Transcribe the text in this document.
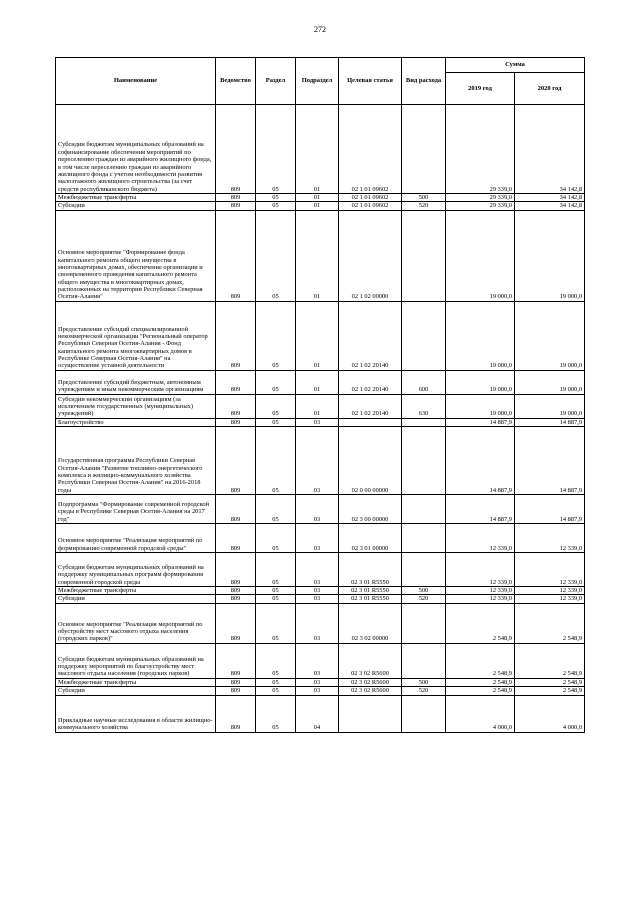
272
Наименование	Ведомство	Раздел	Подраздел	Целевая статья	Вид расхода	Сумма	
						2019 год	2020 год
Субсидии бюджетам муниципальных образований на софинансирование обеспечения мероприятий по переселению граждан из аварийного жилищного фонда, в том числе переселению граждан из аварийного жилищного фонда с учетом необходимости развития малоэтажного жилищного строительства (за счет средств республиканского бюджета)	809	05	01	02 1 01 09602		29 339,0	34 142,8
Межбюджетные трансферты	809	05	01	02 1 01 09602	500	29 339,0	34 142,8
Субсидии	809	05	01	02 1 01 09602	520	29 339,0	34 142,8
Основное мероприятие "Формирование фонда капитального ремонта общего имущества в многоквартирных домах, обеспечение организации и своевременного проведения капитального ремонта общего имущества в многоквартирных домах, расположенных на территории Республики Северная Осетия-Алания"	809	05	01	02 1 02 00000		19 000,0	19 000,0
Предоставление субсидий специализированной некоммерческой организации "Региональный оператор Республики Северная Осетия-Алания - Фонд капитального ремонта многоквартирных домов в Республике Северная Осетия-Алания" на осуществление уставной деятельности	809	05	01	02 1 02 20140		19 000,0	19 000,0
Предоставление субсидий бюджетным, автономным учреждениям и иным некоммерческим организациям	809	05	01	02 1 02 20140	600	19 000,0	19 000,0
Субсидии некоммерческим организациям (за исключением государственных (муниципальных) учреждений)	809	05	01	02 1 02 20140	630	19 000,0	19 000,0
Благоустройство	809	05	03			14 887,9	14 887,9
Государственная программа Республики Северная Осетия-Алания "Развитие топливно-энергетического комплекса и жилищно-коммунального хозяйства Республики Северная Осетия-Алания" на 2016-2018 годы	809	05	03	02 0 00 00000		14 887,9	14 887,9
Подпрограмма "Формирование современной городской среды в Республике Северная Осетия-Алания на 2017 год"	809	05	03	02 3 00 00000		14 887,9	14 887,9
Основное мероприятие "Реализация мероприятий по формированию современной городской среды"	809	05	03	02 3 01 00000		12 339,0	12 339,0
Субсидии бюджетам муниципальных образований на поддержку муниципальных программ формирования современной городской среды	809	05	03	02 3 01 R5550		12 339,0	12 339,0
Межбюджетные трансферты	809	05	03	02 3 01 R5550	500	12 339,0	12 339,0
Субсидии	809	05	03	02 3 01 R5550	520	12 339,0	12 339,0
Основное мероприятие "Реализация мероприятий по обустройству мест массового отдыха населения (городских парков)"	809	05	03	02 3 02 00000		2 548,9	2 548,9
Субсидии бюджетам муниципальных образований на поддержку мероприятий по благоустройству мест массового отдыха населения (городских парков)	809	05	03	02 3 02 R5600		2 548,9	2 548,9
Межбюджетные трансферты	809	05	03	02 3 02 R5600	500	2 548,9	2 548,9
Субсидии	809	05	03	02 3 02 R5600	520	2 548,9	2 548,9
Прикладные научные исследования в области жилищно-коммунального хозяйства	809	05	04			4 000,0	4 000,0
